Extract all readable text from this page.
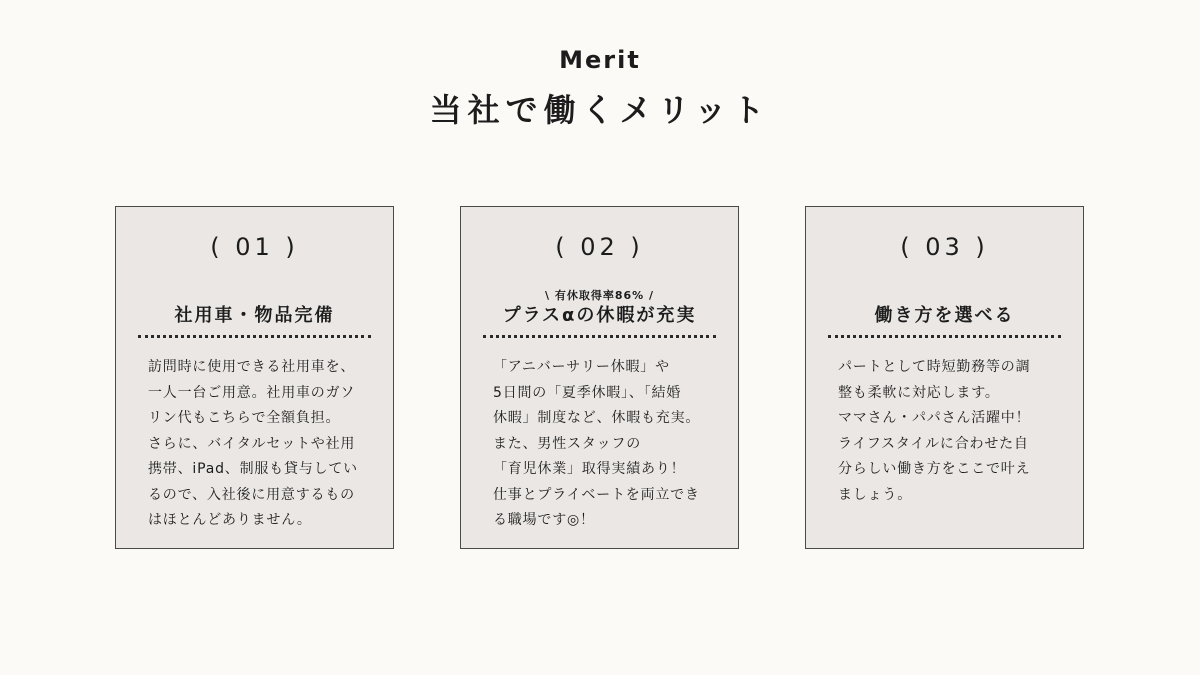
Merit
当社で働くメリット
( 01 )
社用車・物品完備
訪問時に使用できる社用車を、
一人一台ご用意。社用車のガソ
リン代もこちらで全額負担。
さらに、バイタルセットや社用
携帯、iPad、制服も貸与してい
るので、入社後に用意するもの
はほとんどありません。
( 02 )
\ 有休取得率86% /
プラスαの休暇が充実
「アニバーサリー休暇」や
5日間の「夏季休暇」、「結婚
休暇」制度など、休暇も充実。
また、男性スタッフの
「育児休業」取得実績あり！
仕事とプライベートを両立でき
る職場です◎！
( 03 )
働き方を選べる
パートとして時短勤務等の調
整も柔軟に対応します。
ママさん・パパさん活躍中！
ライフスタイルに合わせた自
分らしい働き方をここで叶え
ましょう。
